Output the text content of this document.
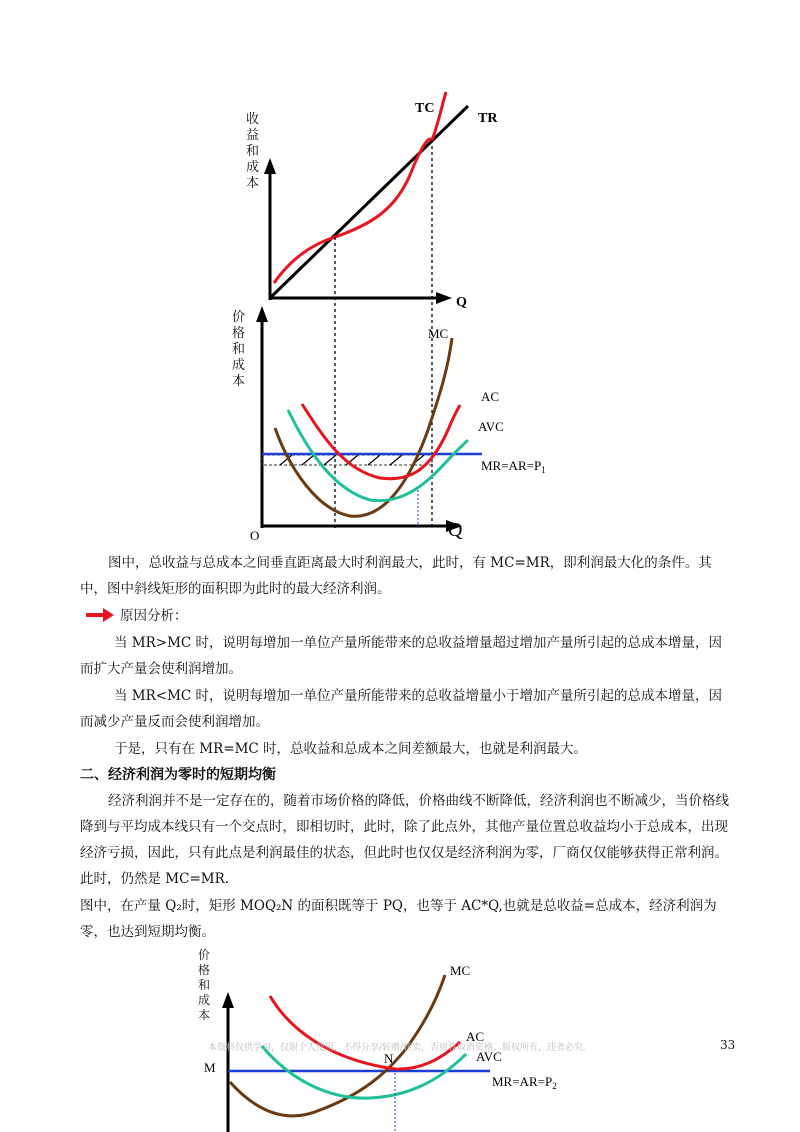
TC
TR
Q
MC
AC
AVC
$MR=AR=P_1$
O	Q
MC
AC
AVC
N
M
$MR=AR=P_2$
收益和成本
价格和成本
价格和成本

图中，总收益与总成本之间垂直距离最大时利润最大，此时，有 MC=MR，即利润最大化的条件。其中，图中斜线矩形的面积即为此时的最大经济利润。

原因分析：

当 MR>MC 时，说明每增加一单位产量所能带来的总收益增量超过增加产量所引起的总成本增量，因而扩大产量会使利润增加。

当 MR<MC 时，说明每增加一单位产量所能带来的总收益增量小于增加产量所引起的总成本增量，因而减少产量反而会使利润增加。

于是，只有在 MR=MC 时，总收益和总成本之间差额最大，也就是利润最大。

二、经济利润为零时的短期均衡

经济利润并不是一定存在的，随着市场价格的降低，价格曲线不断降低，经济利润也不断减少，当价格线降到与平均成本线只有一个交点时，即相切时，此时，除了此点外，其他产量位置总收益均小于总成本，出现经济亏损，因此，只有此点是利润最佳的状态，但此时也仅仅是经济利润为零，厂商仅仅能够获得正常利润。此时，仍然是 MC=MR.

图中，在产量 Q₂时，矩形 MOQ₂N 的面积既等于 PQ，也等于 AC*Q,也就是总收益=总成本，经济利润为零，也达到短期均衡。

本资料仅供学习，仅限个人使用，不得分享/转赠/转卖，否则将取消资格，版权所有，违者必究。	33
